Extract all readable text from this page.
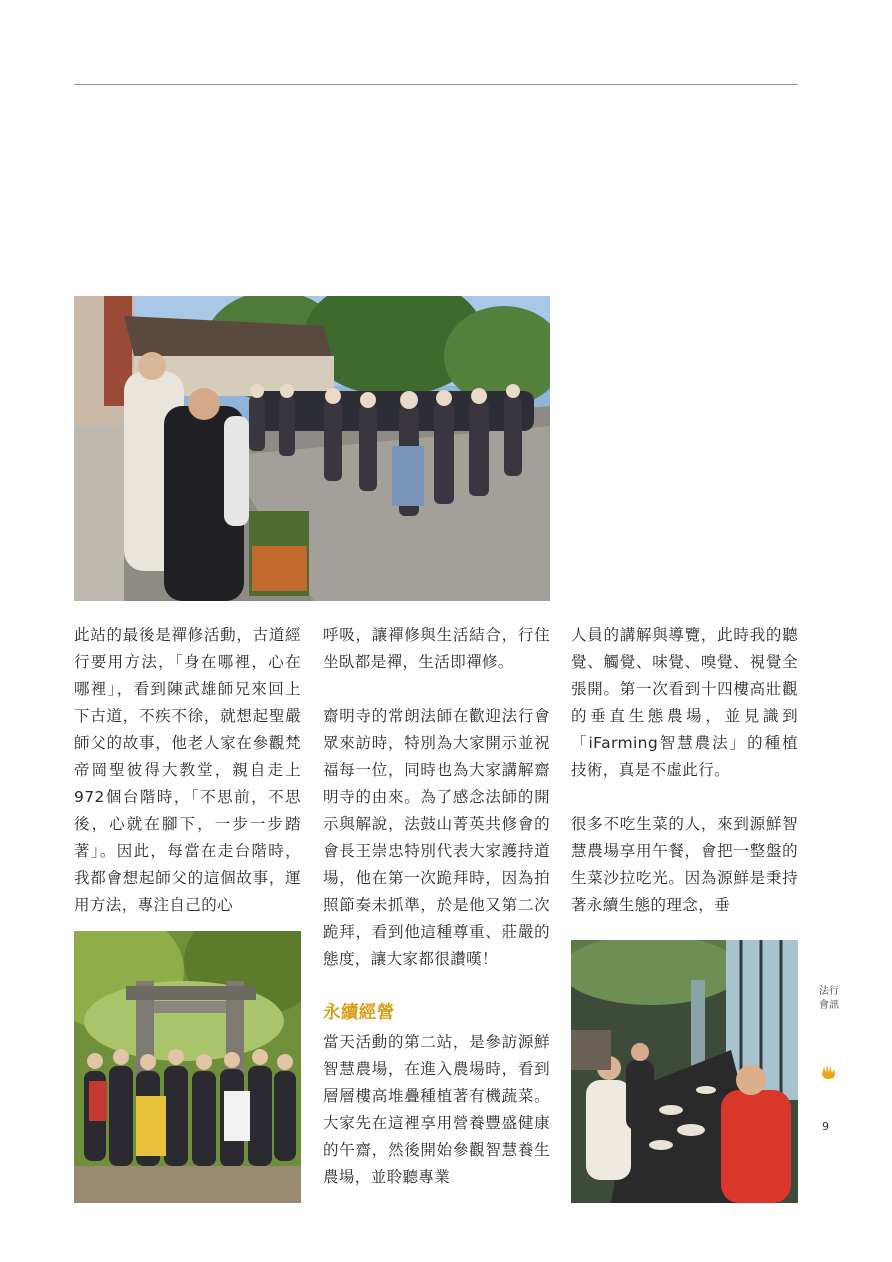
此站的最後是禪修活動，古道經行要用方法，「身在哪裡，心在哪裡」，看到陳武雄師兄來回上下古道，不疾不徐，就想起聖嚴師父的故事，他老人家在參觀梵帝岡聖彼得大教堂，親自走上972個台階時，「不思前，不思後，心就在腳下，一步一步踏著」。因此，每當在走台階時，我都會想起師父的這個故事，運用方法，專注自己的心

呼吸，讓禪修與生活結合，行住坐臥都是禪，生活即禪修。

齋明寺的常朗法師在歡迎法行會眾來訪時，特別為大家開示並祝福每一位，同時也為大家講解齋明寺的由來。為了感念法師的開示與解說，法鼓山菁英共修會的會長王崇忠特別代表大家護持道場，他在第一次跪拜時，因為拍照節奏未抓準，於是他又第二次跪拜，看到他這種尊重、莊嚴的態度，讓大家都很讚嘆！

永續經營

當天活動的第二站，是參訪源鮮智慧農場，在進入農場時，看到層層樓高堆疊種植著有機蔬菜。大家先在這裡享用營養豐盛健康的午齋，然後開始參觀智慧養生農場，並聆聽專業

人員的講解與導覽，此時我的聽覺、觸覺、味覺、嗅覺、視覺全張開。第一次看到十四樓高壯觀的垂直生態農場，並見識到「iFarming智慧農法」的種植技術，真是不虛此行。

很多不吃生菜的人，來到源鮮智慧農場享用午餐，會把一整盤的生菜沙拉吃光。因為源鮮是秉持著永續生態的理念，垂

法行會訊
9
